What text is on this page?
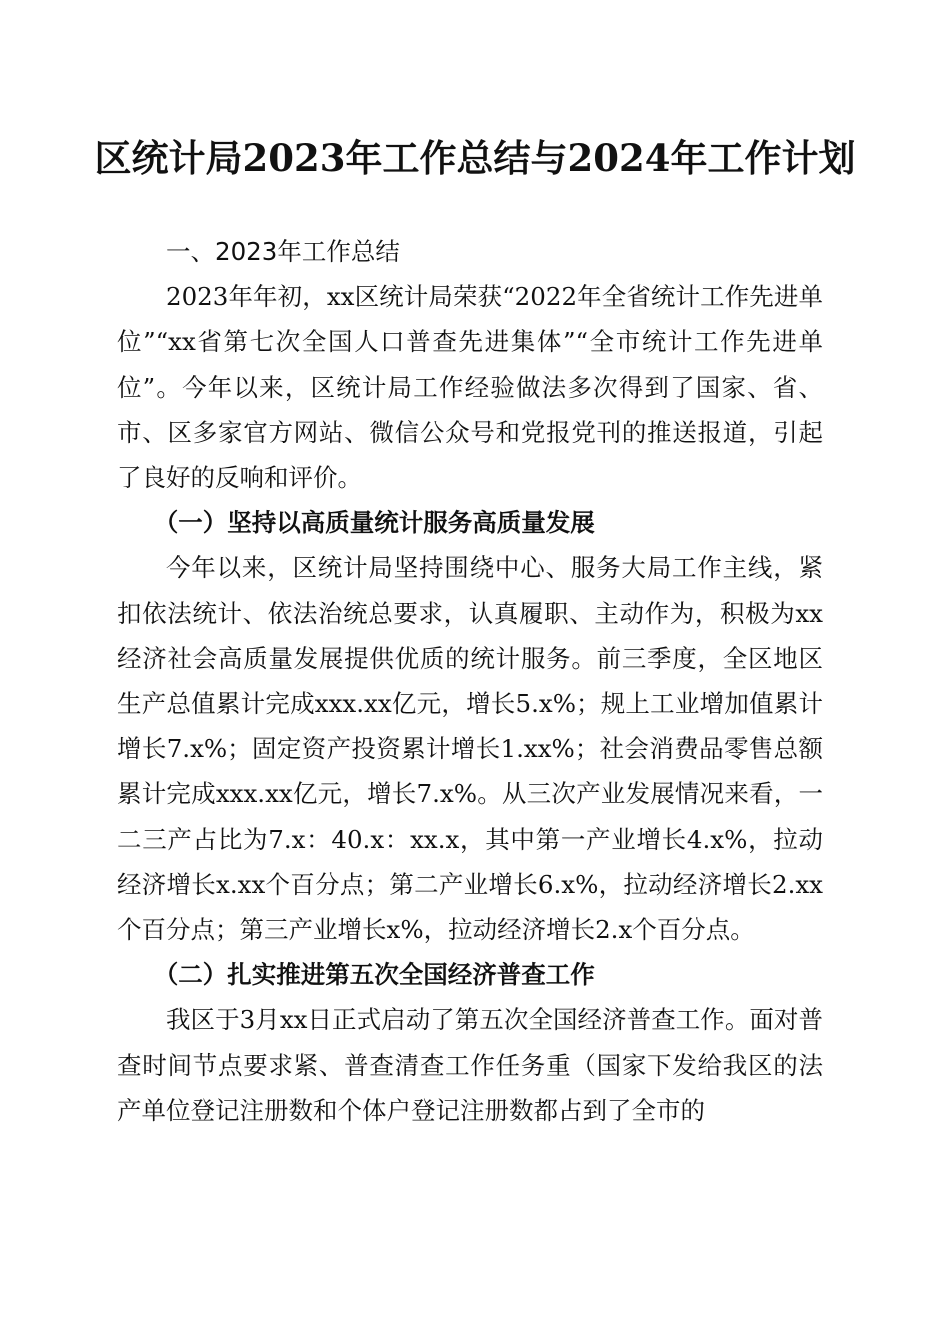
区统计局2023年工作总结与2024年工作计划

一、2023年工作总结

2023年年初，xx区统计局荣获“2022年全省统计工作先进单位”“xx省第七次全国人口普查先进集体”“全市统计工作先进单位”。今年以来，区统计局工作经验做法多次得到了国家、省、市、区多家官方网站、微信公众号和党报党刊的推送报道，引起了良好的反响和评价。

（一）坚持以高质量统计服务高质量发展

今年以来，区统计局坚持围绕中心、服务大局工作主线，紧扣依法统计、依法治统总要求，认真履职、主动作为，积极为xx经济社会高质量发展提供优质的统计服务。前三季度，全区地区生产总值累计完成xxx.xx亿元，增长5.x%；规上工业增加值累计增长7.x%；固定资产投资累计增长1.xx%；社会消费品零售总额累计完成xxx.xx亿元，增长7.x%。从三次产业发展情况来看，一二三产占比为7.x：40.x：xx.x，其中第一产业增长4.x%，拉动经济增长x.xx个百分点；第二产业增长6.x%，拉动经济增长2.xx个百分点；第三产业增长x%，拉动经济增长2.x个百分点。

（二）扎实推进第五次全国经济普查工作

我区于3月xx日正式启动了第五次全国经济普查工作。面对普查时间节点要求紧、普查清查工作任务重（国家下发给我区的法产单位登记注册数和个体户登记注册数都占到了全市的
